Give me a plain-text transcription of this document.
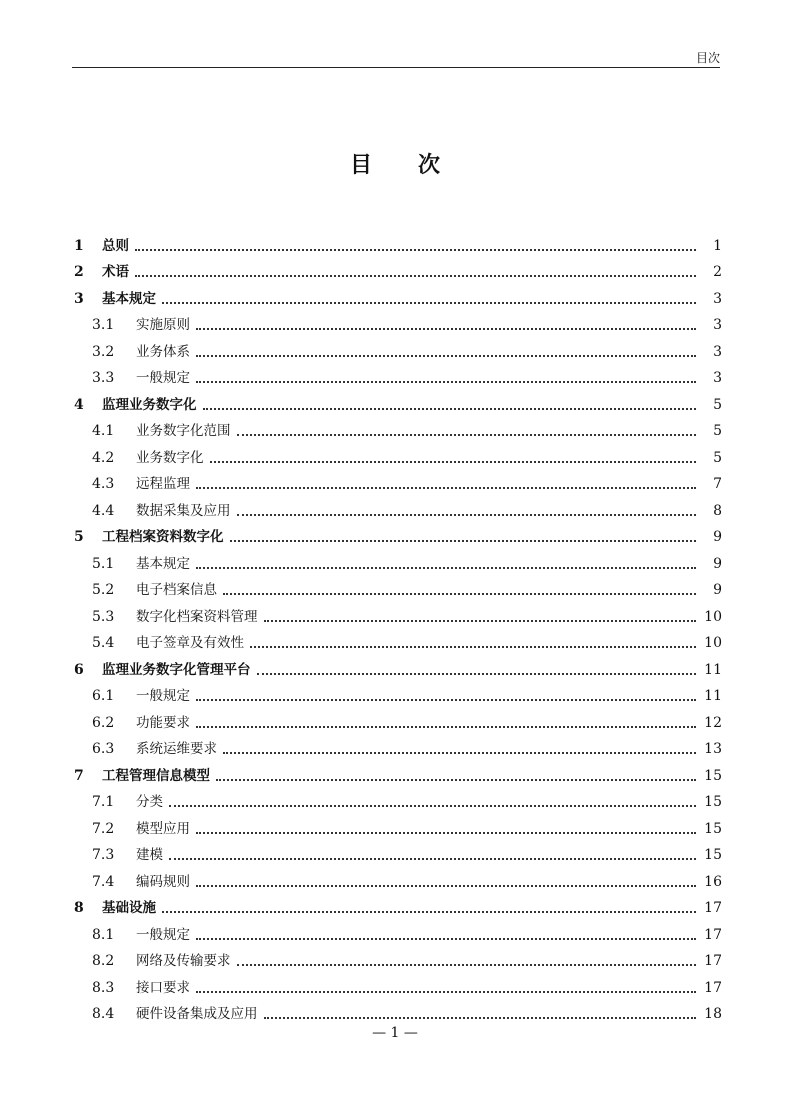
目次
目次
1	总则	1
2	术语	2
3	基本规定	3
3.1	实施原则	3
3.2	业务体系	3
3.3	一般规定	3
4	监理业务数字化	5
4.1	业务数字化范围	5
4.2	业务数字化	5
4.3	远程监理	7
4.4	数据采集及应用	8
5	工程档案资料数字化	9
5.1	基本规定	9
5.2	电子档案信息	9
5.3	数字化档案资料管理	10
5.4	电子签章及有效性	10
6	监理业务数字化管理平台	11
6.1	一般规定	11
6.2	功能要求	12
6.3	系统运维要求	13
7	工程管理信息模型	15
7.1	分类	15
7.2	模型应用	15
7.3	建模	15
7.4	编码规则	16
8	基础设施	17
8.1	一般规定	17
8.2	网络及传输要求	17
8.3	接口要求	17
8.4	硬件设备集成及应用	18
— 1 —
